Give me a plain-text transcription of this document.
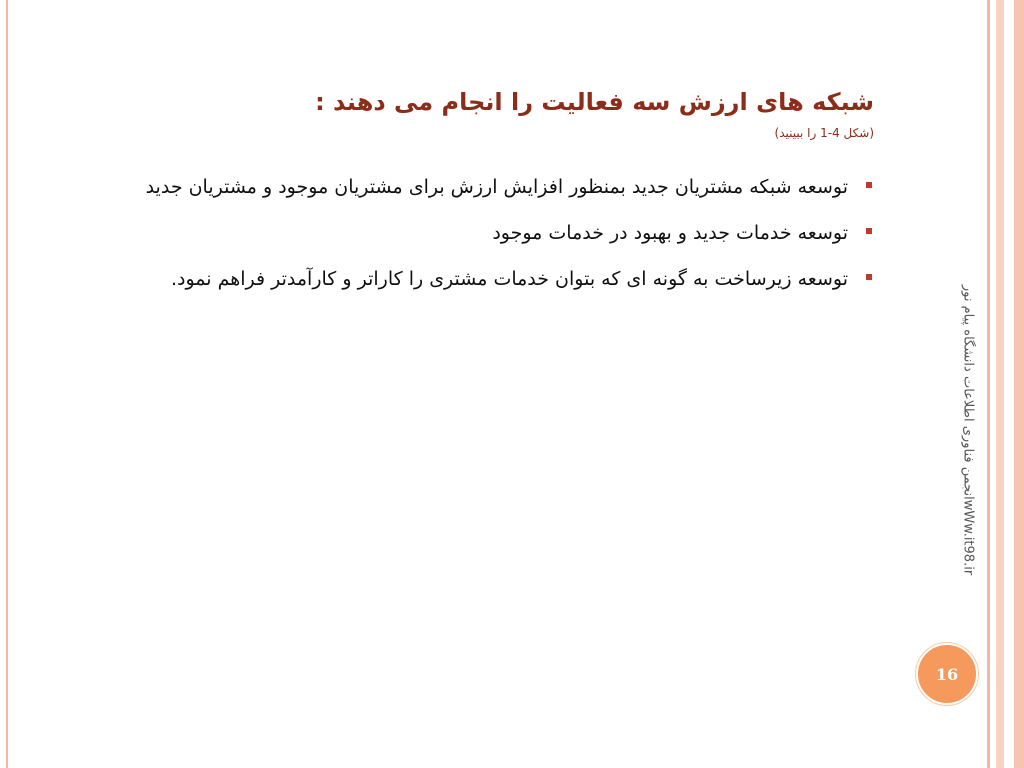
wWw.it98.irانجمن فناوری اطلاعات دانشگاه پیام نور
شبکه های ارزش سه فعالیت را انجام می دهند :

(شکل 4-1 را ببینید)

توسعه شبکه مشتریان جدید بمنظور افزایش ارزش برای مشتریان موجود و مشتریان جدید
توسعه خدمات جدید و بهبود در خدمات موجود
توسعه زیرساخت به گونه ای که بتوان خدمات مشتری را کاراتر و کارآمدتر فراهم نمود.
16
